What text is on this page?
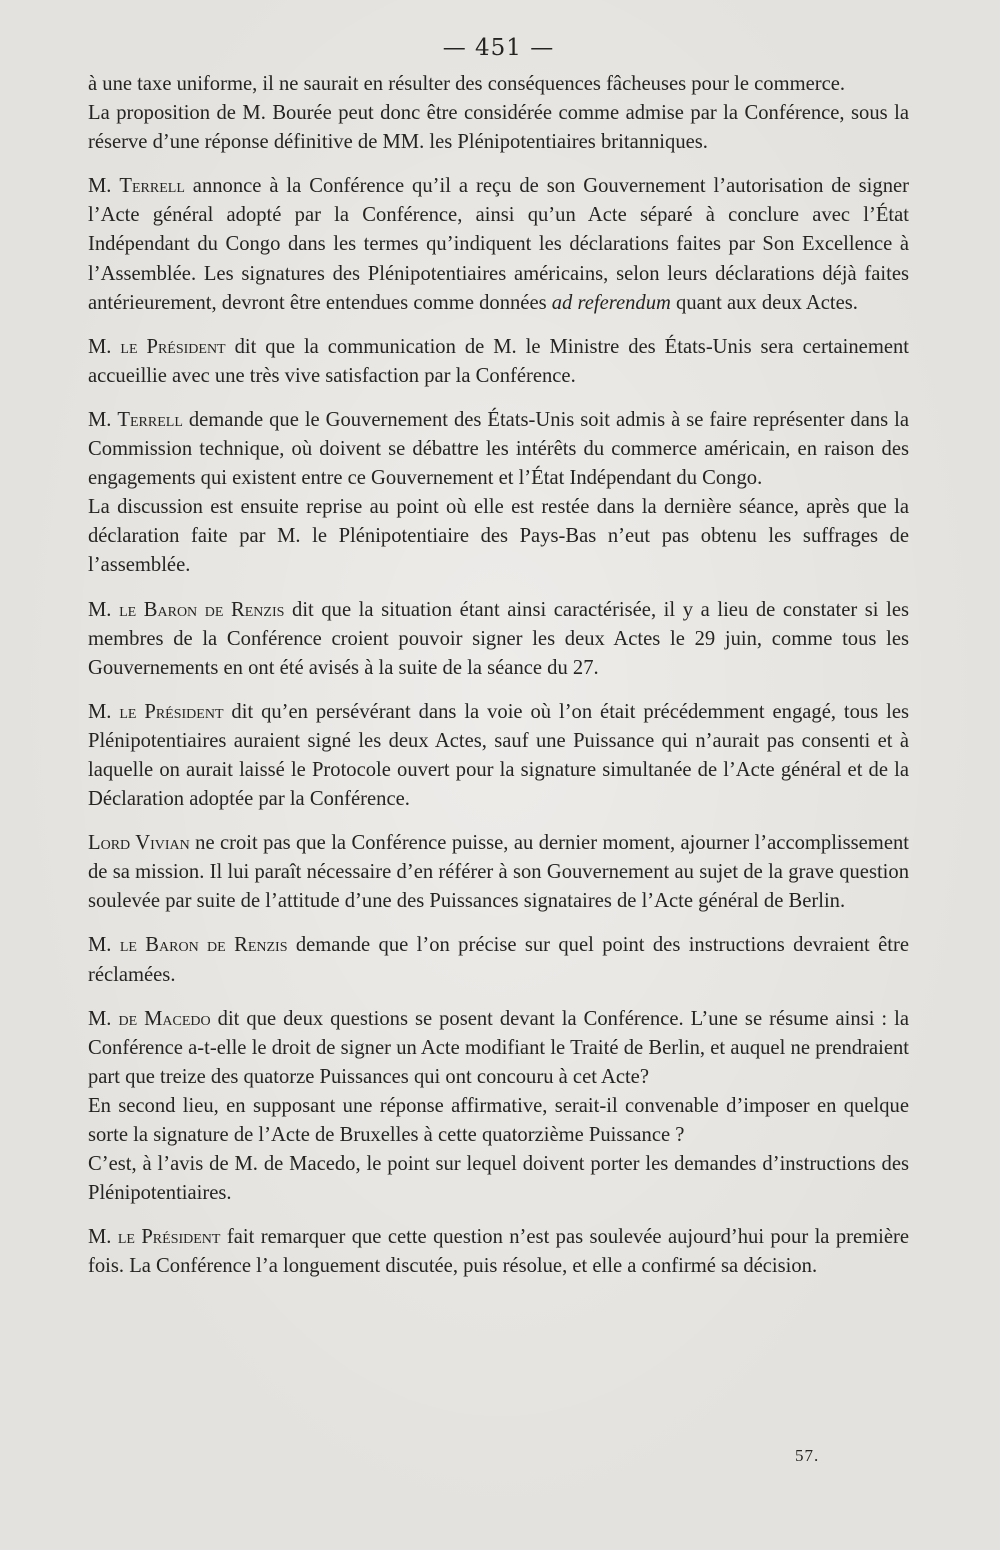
— 451 —

à une taxe uniforme, il ne saurait en résulter des conséquences fâcheuses pour le commerce.

La proposition de M. Bourée peut donc être considérée comme admise par la Conférence, sous la réserve d’une réponse définitive de MM. les Plénipotentiaires britanniques.

M. Terrell annonce à la Conférence qu’il a reçu de son Gouvernement l’autorisation de signer l’Acte général adopté par la Conférence, ainsi qu’un Acte séparé à conclure avec l’État Indépendant du Congo dans les termes qu’indiquent les déclarations faites par Son Excellence à l’Assemblée. Les signatures des Plénipotentiaires américains, selon leurs déclarations déjà faites antérieurement, devront être entendues comme données ad referendum quant aux deux Actes.

M. le Président dit que la communication de M. le Ministre des États-Unis sera certainement accueillie avec une très vive satisfaction par la Conférence.

M. Terrell demande que le Gouvernement des États-Unis soit admis à se faire représenter dans la Commission technique, où doivent se débattre les intérêts du commerce américain, en raison des engagements qui existent entre ce Gouvernement et l’État Indépendant du Congo.

La discussion est ensuite reprise au point où elle est restée dans la dernière séance, après que la déclaration faite par M. le Plénipotentiaire des Pays-Bas n’eut pas obtenu les suffrages de l’assemblée.

M. le Baron de Renzis dit que la situation étant ainsi caractérisée, il y a lieu de constater si les membres de la Conférence croient pouvoir signer les deux Actes le 29 juin, comme tous les Gouvernements en ont été avisés à la suite de la séance du 27.

M. le Président dit qu’en persévérant dans la voie où l’on était précédemment engagé, tous les Plénipotentiaires auraient signé les deux Actes, sauf une Puissance qui n’aurait pas consenti et à laquelle on aurait laissé le Protocole ouvert pour la signature simultanée de l’Acte général et de la Déclaration adoptée par la Conférence.

Lord Vivian ne croit pas que la Conférence puisse, au dernier moment, ajourner l’accomplissement de sa mission. Il lui paraît nécessaire d’en référer à son Gouvernement au sujet de la grave question soulevée par suite de l’attitude d’une des Puissances signataires de l’Acte général de Berlin.

M. le Baron de Renzis demande que l’on précise sur quel point des instructions devraient être réclamées.

M. de Macedo dit que deux questions se posent devant la Conférence. L’une se résume ainsi : la Conférence a-t-elle le droit de signer un Acte modifiant le Traité de Berlin, et auquel ne prendraient part que treize des quatorze Puissances qui ont concouru à cet Acte?

En second lieu, en supposant une réponse affirmative, serait-il convenable d’imposer en quelque sorte la signature de l’Acte de Bruxelles à cette quatorzième Puissance ?

C’est, à l’avis de M. de Macedo, le point sur lequel doivent porter les demandes d’instructions des Plénipotentiaires.

M. le Président fait remarquer que cette question n’est pas soulevée aujourd’hui pour la première fois. La Conférence l’a longuement discutée, puis résolue, et elle a confirmé sa décision.

57.
